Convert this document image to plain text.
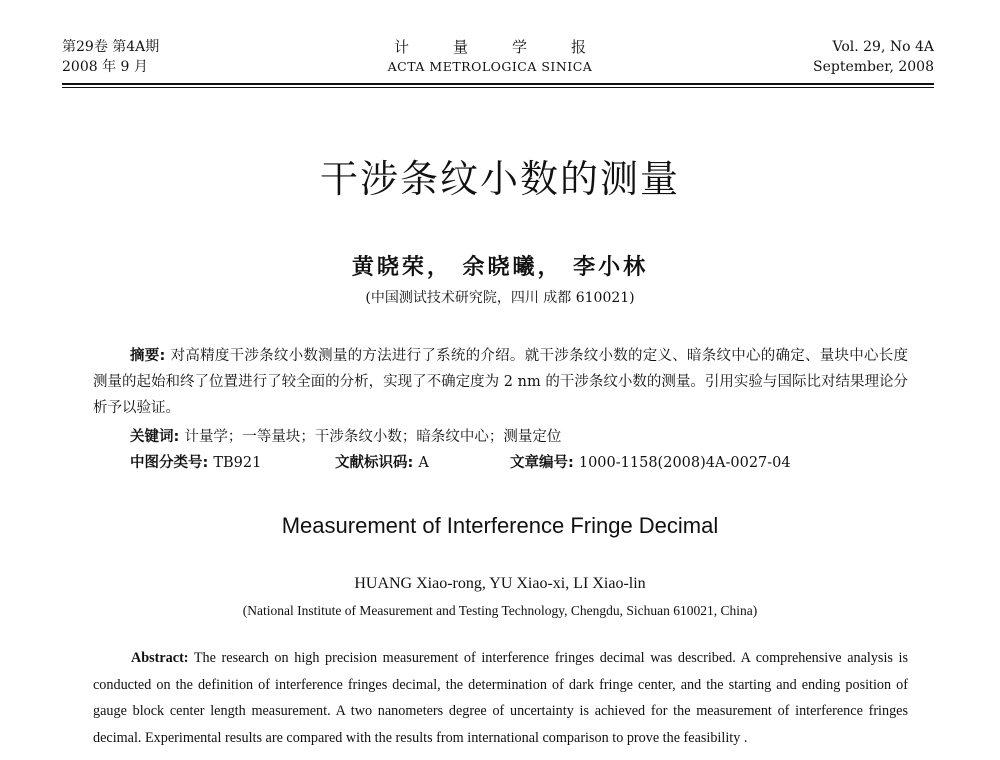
第29卷 第4A期
2008 年 9 月
计量学报
ACTA METROLOGICA SINICA
Vol. 29, No 4A
September, 2008
干涉条纹小数的测量
黄晓荣， 余晓曦， 李小林
(中国测试技术研究院，四川 成都 610021)
摘要: 对高精度干涉条纹小数测量的方法进行了系统的介绍。就干涉条纹小数的定义、暗条纹中心的确定、量块中心长度测量的起始和终了位置进行了较全面的分析，实现了不确定度为 2 nm 的干涉条纹小数的测量。引用实验与国际比对结果理论分析予以验证。
关键词: 计量学；一等量块；干涉条纹小数；暗条纹中心；测量定位
中图分类号: TB921	文献标识码: A	文章编号: 1000-1158(2008)4A-0027-04
Measurement of Interference Fringe Decimal
HUANG Xiao-rong, YU Xiao-xi, LI Xiao-lin
(National Institute of Measurement and Testing Technology, Chengdu, Sichuan 610021, China)
Abstract: The research on high precision measurement of interference fringes decimal was described. A comprehensive analysis is conducted on the definition of interference fringes decimal, the determination of dark fringe center, and the starting and ending position of gauge block center length measurement. A two nanometers degree of uncertainty is achieved for the measurement of interference fringes decimal. Experimental results are compared with the results from international comparison to prove the feasibility .
